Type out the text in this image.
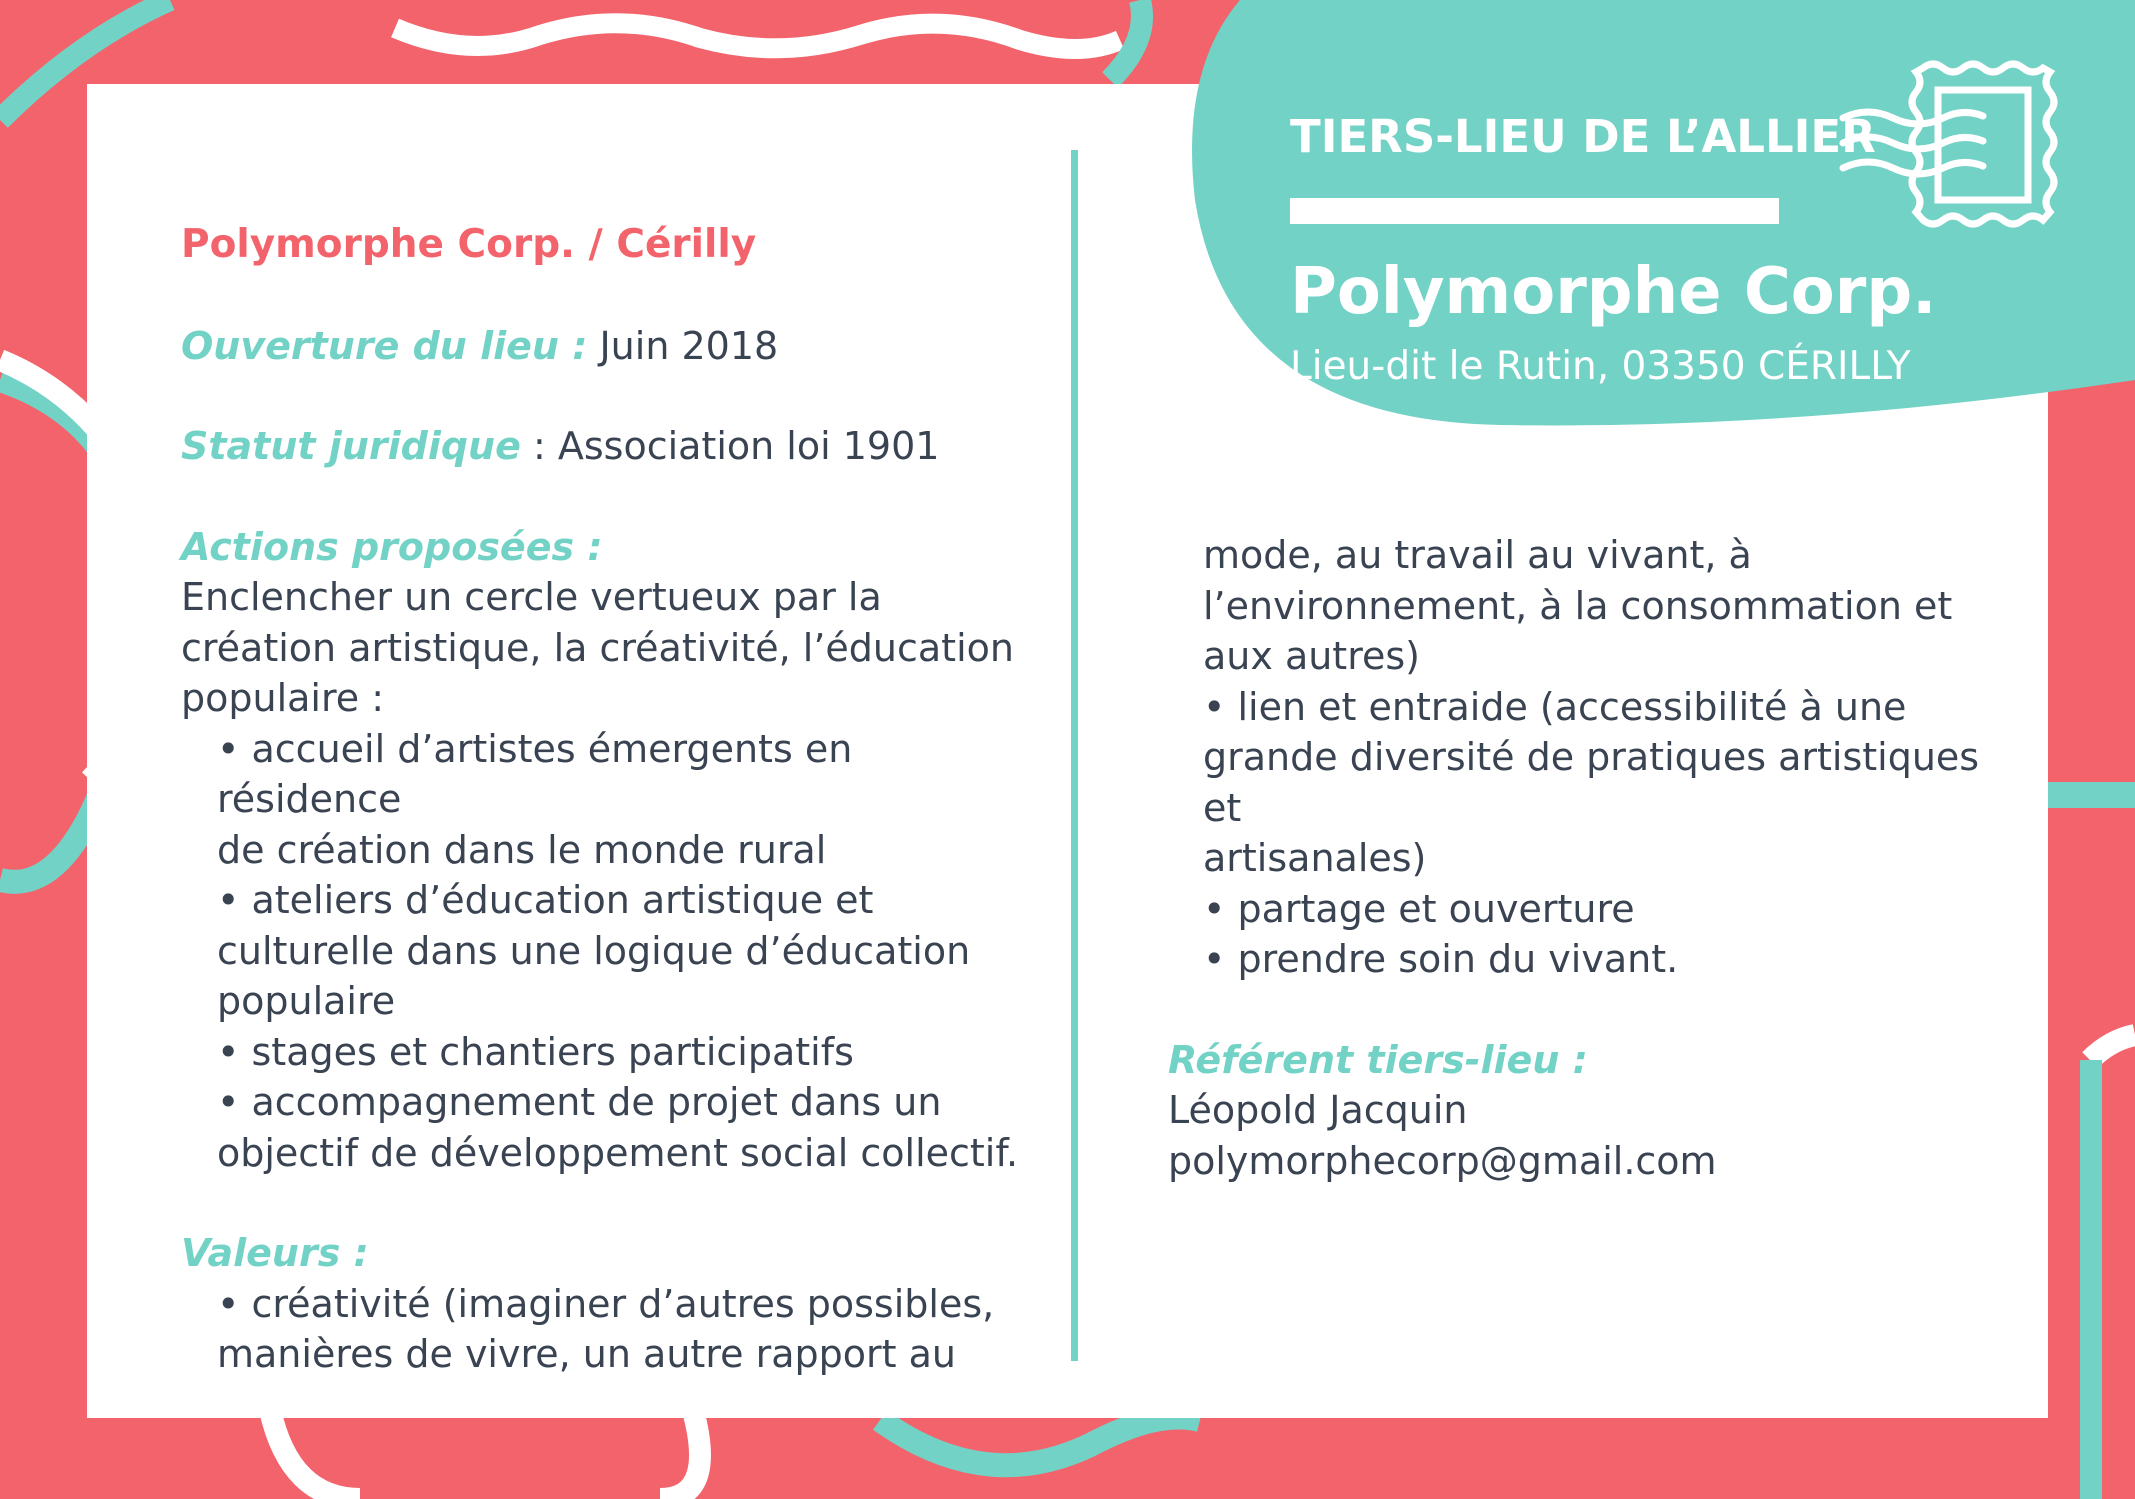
TIERS-LIEU DE L’ALLIER
Polymorphe Corp.
Lieu-dit le Rutin, 03350 CÉRILLY
Polymorphe Corp. / Cérilly
Ouverture du lieu : Juin 2018
Statut juridique : Association loi 1901
Actions proposées :
Enclencher un cercle vertueux par la
création artistique, la créativité, l’éducation
populaire :
• accueil d’artistes émergents en résidence
de création dans le monde rural
• ateliers d’éducation artistique et
culturelle dans une logique d’éducation
populaire
• stages et chantiers participatifs
• accompagnement de projet dans un
objectif de développement social collectif.
Valeurs :
• créativité (imaginer d’autres possibles,
manières de vivre, un autre rapport au
mode, au travail au vivant, à
l’environnement, à la consommation et
aux autres)
• lien et entraide (accessibilité à une
grande diversité de pratiques artistiques et
artisanales)
• partage et ouverture
• prendre soin du vivant.
Référent tiers-lieu :
Léopold Jacquin
polymorphecorp@gmail.com
